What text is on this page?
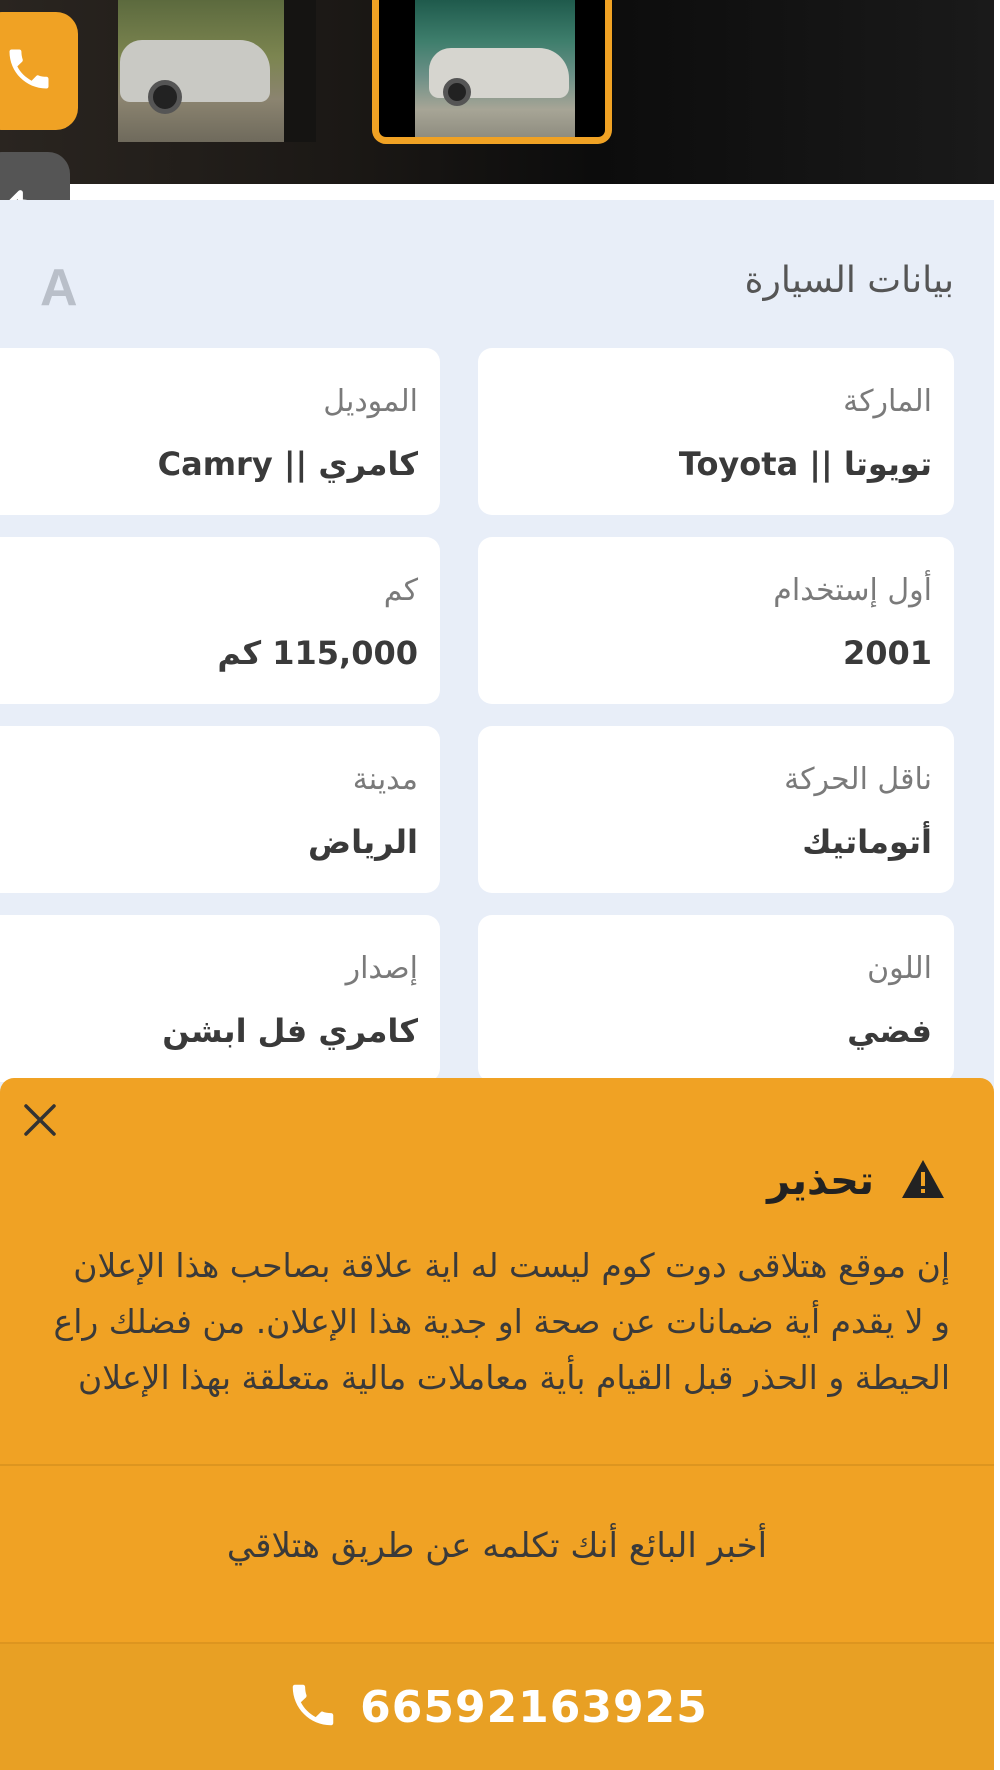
A	بيانات السيارة
الماركة
تويوتا || Toyota
الموديل
كامري || Camry
أول إستخدام
2001
كم
115,000 كم
ناقل الحركة
أتوماتيك
مدينة
الرياض
اللون
فضي
إصدار
كامري فل ابشن
تحذير
إن موقع هتلاقى دوت كوم ليست له اية علاقة بصاحب هذا الإعلان و لا يقدم أية ضمانات عن صحة او جدية هذا الإعلان. من فضلك راع الحيطة و الحذر قبل القيام بأية معاملات مالية متعلقة بهذا الإعلان
أخبر البائع أنك تكلمه عن طريق هتلاقي
66592163925
